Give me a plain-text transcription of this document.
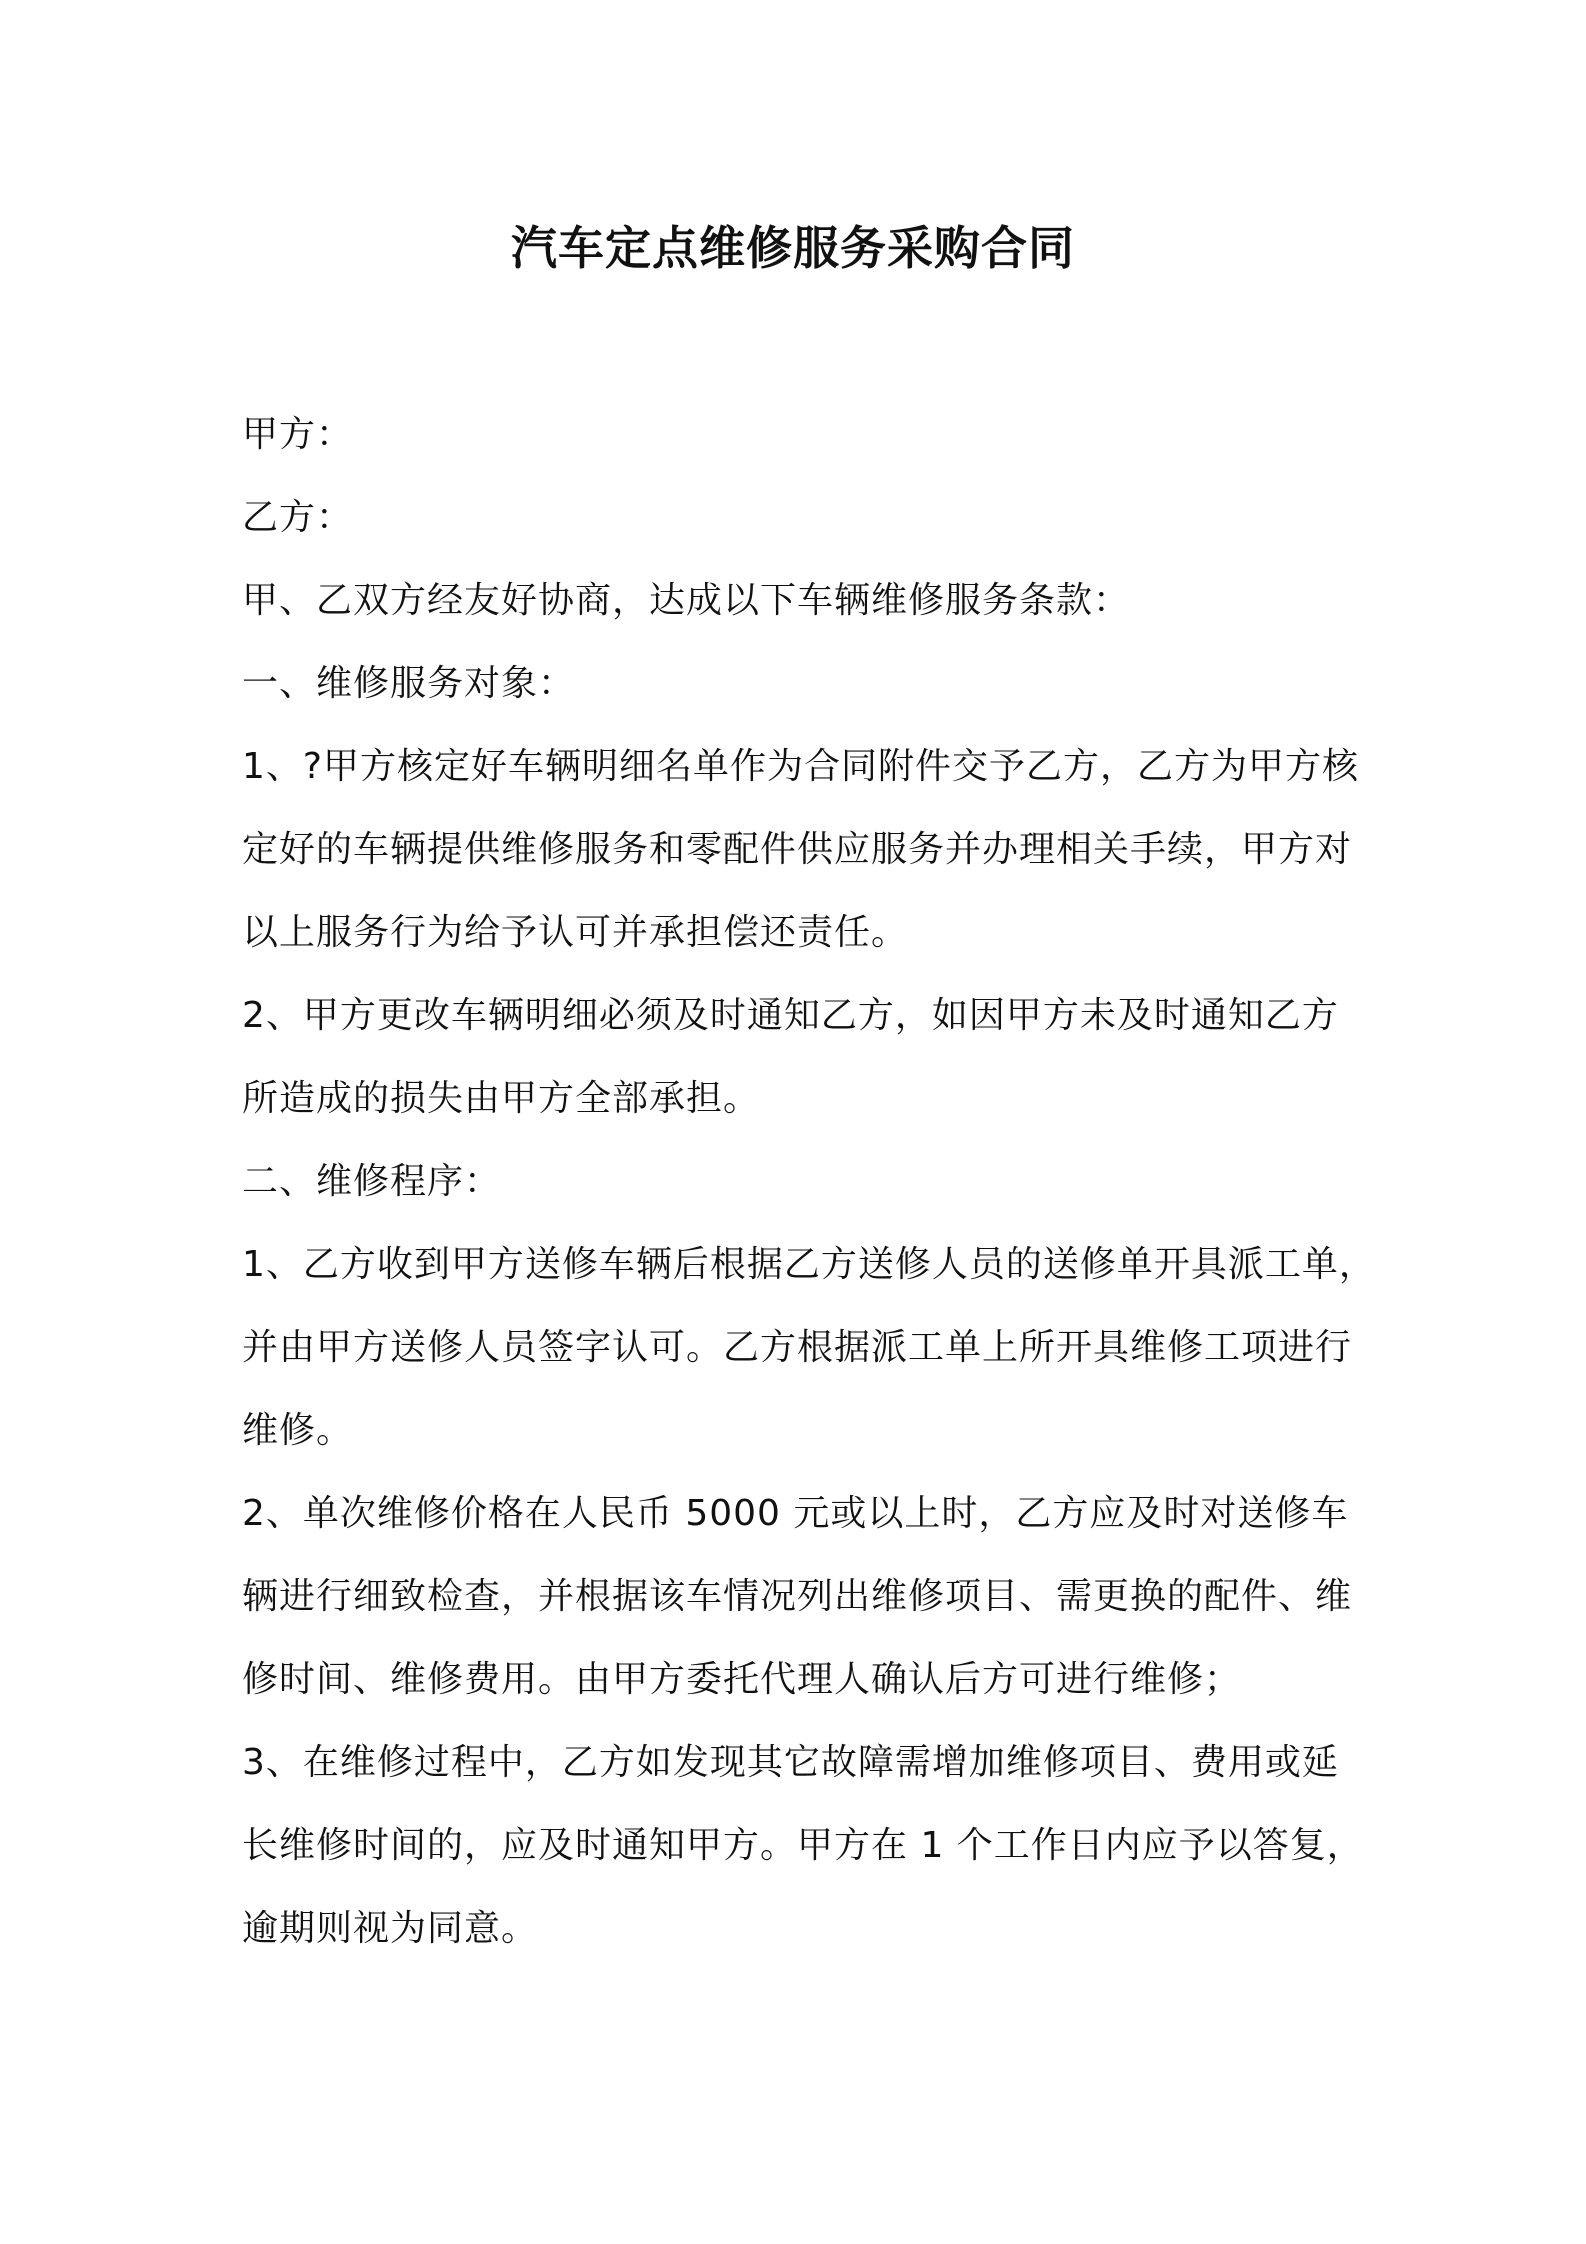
汽车定点维修服务采购合同
甲方：
乙方：
甲、乙双方经友好协商，达成以下车辆维修服务条款：
一、维修服务对象：
1、?甲方核定好车辆明细名单作为合同附件交予乙方，乙方为甲方核
定好的车辆提供维修服务和零配件供应服务并办理相关手续，甲方对
以上服务行为给予认可并承担偿还责任。
2、甲方更改车辆明细必须及时通知乙方，如因甲方未及时通知乙方
所造成的损失由甲方全部承担。
二、维修程序：
1、乙方收到甲方送修车辆后根据乙方送修人员的送修单开具派工单，
并由甲方送修人员签字认可。乙方根据派工单上所开具维修工项进行
维修。
2、单次维修价格在人民币 5000 元或以上时，乙方应及时对送修车
辆进行细致检查，并根据该车情况列出维修项目、需更换的配件、维
修时间、维修费用。由甲方委托代理人确认后方可进行维修；
3、在维修过程中，乙方如发现其它故障需增加维修项目、费用或延
长维修时间的，应及时通知甲方。甲方在 1 个工作日内应予以答复，
逾期则视为同意。
